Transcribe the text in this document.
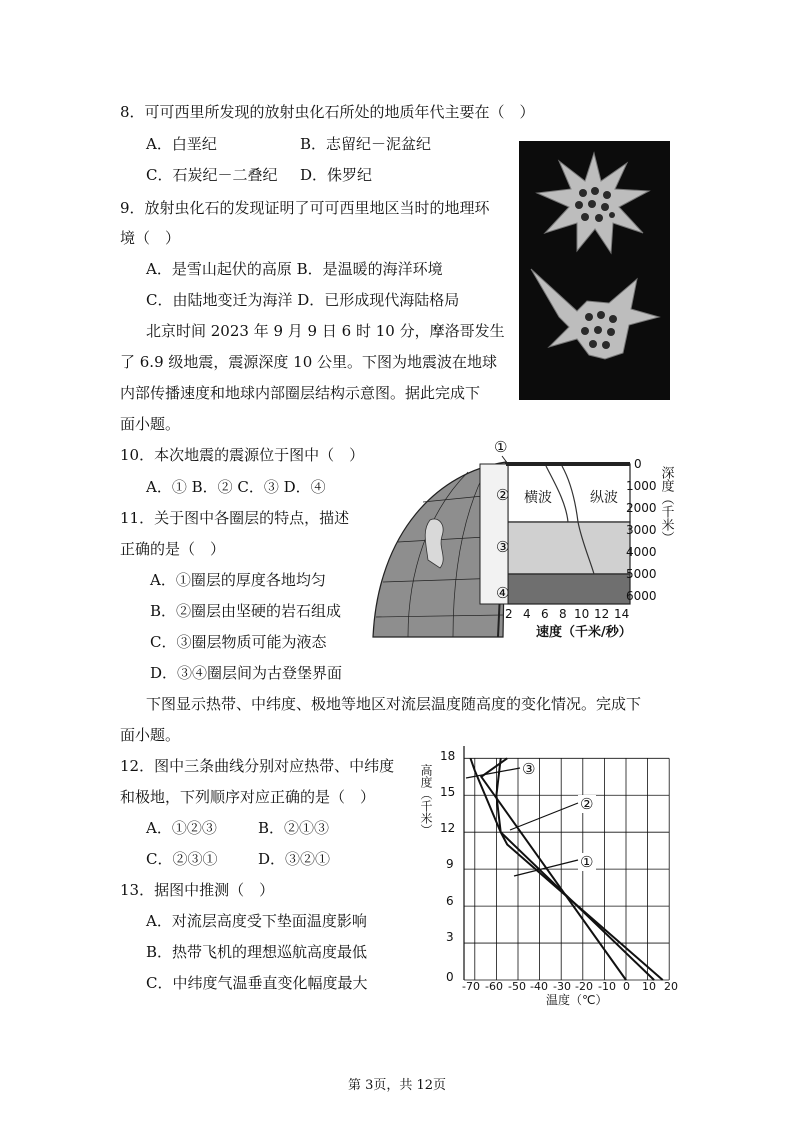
8．可可西里所发现的放射虫化石所处的地质年代主要在（　）
A．白垩纪	B．志留纪－泥盆纪
C．石炭纪－二叠纪 D．侏罗纪
9．放射虫化石的发现证明了可可西里地区当时的地理环
境（　）
A．是雪山起伏的高原 B．是温暖的海洋环境
C．由陆地变迁为海洋 D．已形成现代海陆格局
北京时间 2023 年 9 月 9 日 6 时 10 分，摩洛哥发生
了 6.9 级地震，震源深度 10 公里。下图为地震波在地球
内部传播速度和地球内部圈层结构示意图。据此完成下
面小题。
10．本次地震的震源位于图中（　）
A．① B．② C．③ D．④
11．关于图中各圈层的特点，描述
正确的是（　）
A．①圈层的厚度各地均匀
B．②圈层由坚硬的岩石组成
C．③圈层物质可能为液态
D．③④圈层间为古登堡界面
横波	纵波
①
②
③
④
0
1000
2000
3000
4000
5000
6000
深度（千米）
2 4 6 8 10 12 14
速度（千米/秒）
下图显示热带、中纬度、极地等地区对流层温度随高度的变化情况。完成下
面小题。
12．图中三条曲线分别对应热带、中纬度
和极地，下列顺序对应正确的是（　）
A．①②③	B．②①③
C．②③①	D．③②①
13．据图中推测（　）
A．对流层高度受下垫面温度影响
B．热带飞机的理想巡航高度最低
C．中纬度气温垂直变化幅度最大
高度（千米）
温度（℃）
18
15
12
9
6
3
0
-70 -60 -50 -40 -30 -20 -10 0 10 20
①
②
③
第 3页，共 12页
